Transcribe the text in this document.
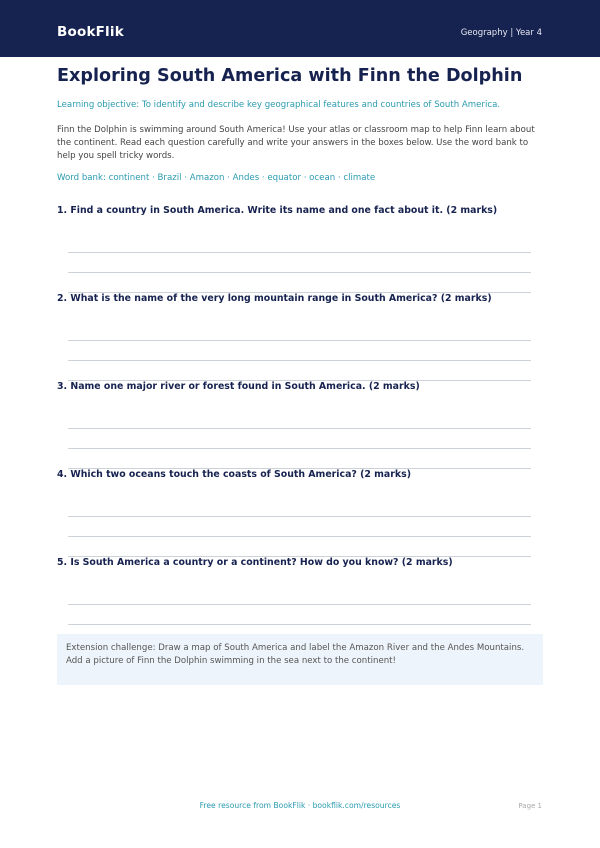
BookFlik	Geography | Year 4
Exploring South America with Finn the Dolphin

Learning objective: To identify and describe key geographical features and countries of South America.

Finn the Dolphin is swimming around South America! Use your atlas or classroom map to help Finn learn about the continent. Read each question carefully and write your answers in the boxes below. Use the word bank to help you spell tricky words.

Word bank: continent · Brazil · Amazon · Andes · equator · ocean · climate

1. Find a country in South America. Write its name and one fact about it. (2 marks)

2. What is the name of the very long mountain range in South America? (2 marks)

3. Name one major river or forest found in South America. (2 marks)

4. Which two oceans touch the coasts of South America? (2 marks)

5. Is South America a country or a continent? How do you know? (2 marks)

Extension challenge: Draw a map of South America and label the Amazon River and the Andes Mountains. Add a picture of Finn the Dolphin swimming in the sea next to the continent!

Free resource from BookFlik · bookflik.com/resources	Page 1
